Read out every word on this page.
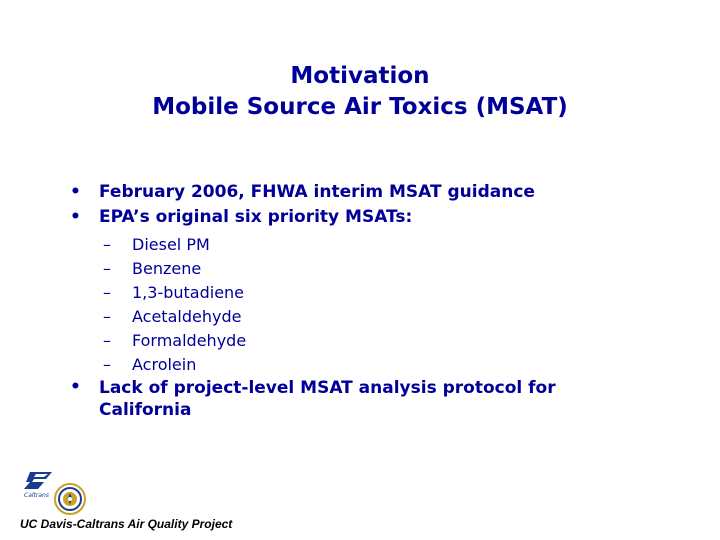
Motivation
Mobile Source Air Toxics (MSAT)
• February 2006, FHWA interim MSAT guidance
• EPA’s original six priority MSATs:
– Diesel PM
– Benzene
– 1,3-butadiene
– Acetaldehyde
– Formaldehyde
– Acrolein
•	Lack of project-level MSAT analysis protocol for California
Caltrans
UC Davis-Caltrans Air Quality Project
